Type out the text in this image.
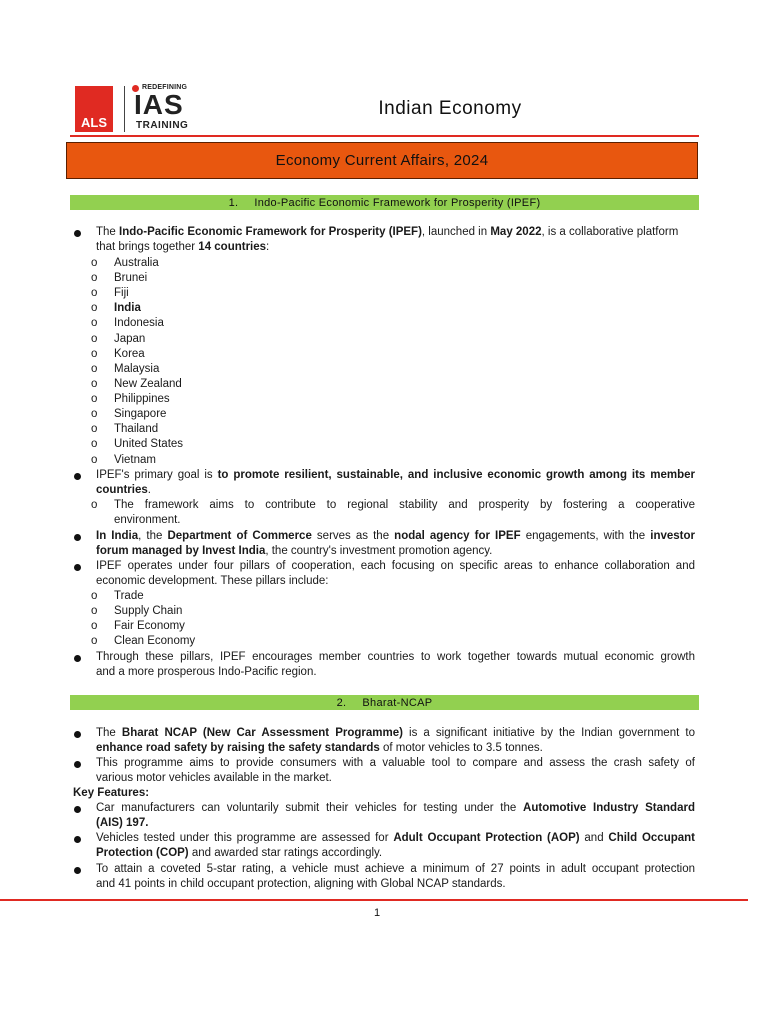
ALS
REDEFINING
IAS
TRAINING
Indian Economy
Economy Current Affairs, 2024
1. Indo-Pacific Economic Framework for Prosperity (IPEF)
The Indo-Pacific Economic Framework for Prosperity (IPEF), launched in May 2022, is a collaborative platform
that brings together 14 countries:
o Australia
o Brunei
o Fiji
o India
o Indonesia
o Japan
o Korea
o Malaysia
o New Zealand
o Philippines
o Singapore
o Thailand
o United States
o Vietnam
IPEF's primary goal is to promote resilient, sustainable, and inclusive economic growth among its member
countries.
o The framework aims to contribute to regional stability and prosperity by fostering a cooperative
environment.
In India, the Department of Commerce serves as the nodal agency for IPEF engagements, with the investor
forum managed by Invest India, the country's investment promotion agency.
IPEF operates under four pillars of cooperation, each focusing on specific areas to enhance collaboration and
economic development. These pillars include:
o Trade
o Supply Chain
o Fair Economy
o Clean Economy
Through these pillars, IPEF encourages member countries to work together towards mutual economic growth
and a more prosperous Indo-Pacific region.
2. Bharat-NCAP
The Bharat NCAP (New Car Assessment Programme) is a significant initiative by the Indian government to
enhance road safety by raising the safety standards of motor vehicles to 3.5 tonnes.
This programme aims to provide consumers with a valuable tool to compare and assess the crash safety of
various motor vehicles available in the market.
Key Features:
Car manufacturers can voluntarily submit their vehicles for testing under the Automotive Industry Standard
(AIS) 197.
Vehicles tested under this programme are assessed for Adult Occupant Protection (AOP) and Child Occupant
Protection (COP) and awarded star ratings accordingly.
To attain a coveted 5-star rating, a vehicle must achieve a minimum of 27 points in adult occupant protection
and 41 points in child occupant protection, aligning with Global NCAP standards.
1
